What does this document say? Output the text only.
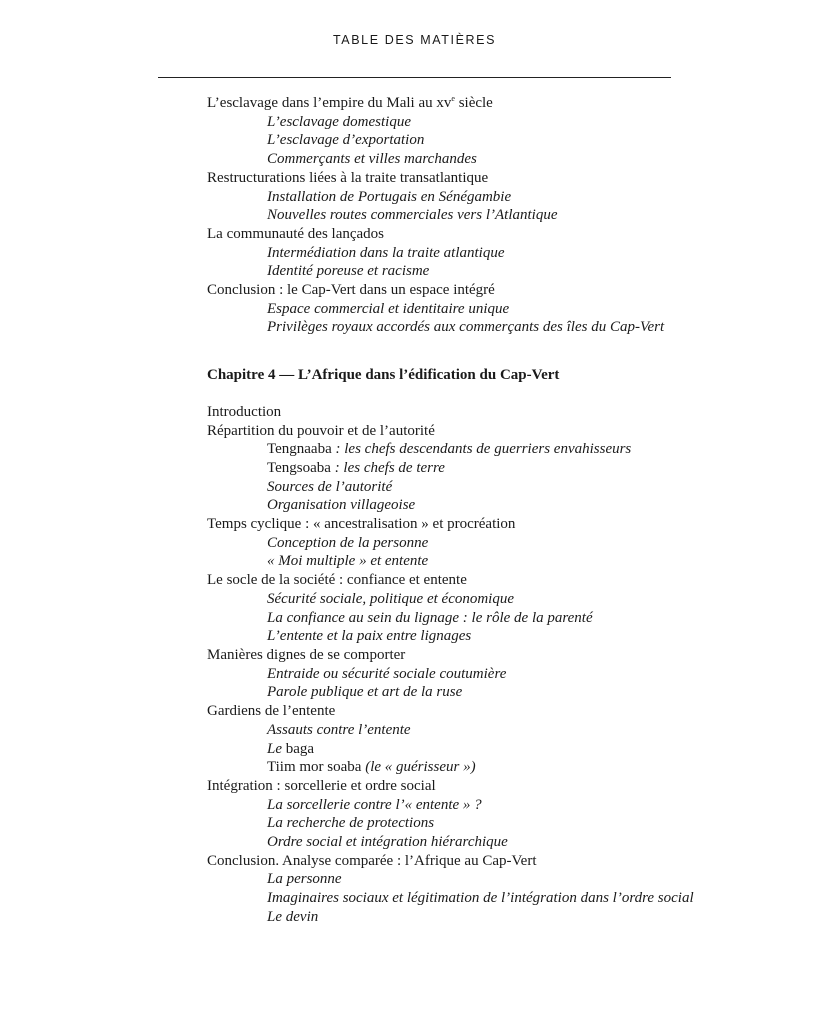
TABLE DES MATIÈRES
L’esclavage dans l’empire du Mali au $xv^e$ siècle
L’esclavage domestique
L’esclavage d’exportation
Commerçants et villes marchandes
Restructurations liées à la traite transatlantique
Installation de Portugais en Sénégambie
Nouvelles routes commerciales vers l’Atlantique
La communauté des lançados
Intermédiation dans la traite atlantique
Identité poreuse et racisme
Conclusion : le Cap-Vert dans un espace intégré
Espace commercial et identitaire unique
Privilèges royaux accordés aux commerçants des îles du Cap-Vert
Chapitre 4 — L’Afrique dans l’édification du Cap-Vert
Introduction
Répartition du pouvoir et de l’autorité
Tengnaaba : les chefs descendants de guerriers envahisseurs
Tengsoaba : les chefs de terre
Sources de l’autorité
Organisation villageoise
Temps cyclique : « ancestralisation » et procréation
Conception de la personne
« Moi multiple » et entente
Le socle de la société : confiance et entente
Sécurité sociale, politique et économique
La confiance au sein du lignage : le rôle de la parenté
L’entente et la paix entre lignages
Manières dignes de se comporter
Entraide ou sécurité sociale coutumière
Parole publique et art de la ruse
Gardiens de l’entente
Assauts contre l’entente
Le baga
Tiim mor soaba (le « guérisseur »)
Intégration : sorcellerie et ordre social
La sorcellerie contre l’« entente » ?
La recherche de protections
Ordre social et intégration hiérarchique
Conclusion. Analyse comparée : l’Afrique au Cap-Vert
La personne
Imaginaires sociaux et légitimation de l’intégration dans l’ordre social
Le devin
